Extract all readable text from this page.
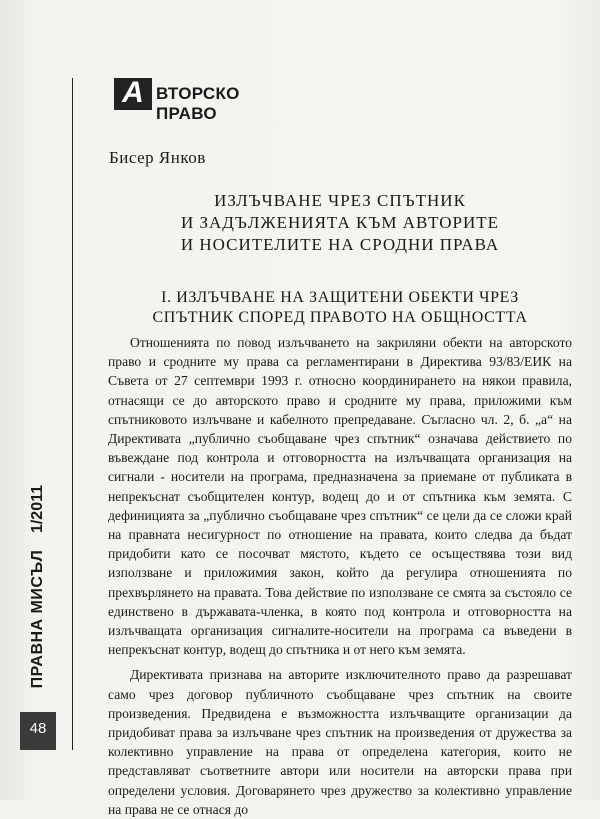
А ВТОРСКО ПРАВО
Бисер Янков
ИЗЛЪЧВАНЕ ЧРЕЗ СПЪТНИК
И ЗАДЪЛЖЕНИЯТА КЪМ АВТОРИТЕ
И НОСИТЕЛИТЕ НА СРОДНИ ПРАВА
I. ИЗЛЪЧВАНЕ НА ЗАЩИТЕНИ ОБЕКТИ ЧРЕЗ
СПЪТНИК СПОРЕД ПРАВОТО НА ОБЩНОСТТА

Отношенията по повод излъчването на закриляни обекти на авторското право и сродните му права са регламентирани в Директива 93/83/ЕИК на Съвета от 27 септември 1993 г. относно координирането на някои правила, отнасящи се до авторското право и сродните му права, приложими към спътниковото излъчване и кабелното препредаване. Съгласно чл. 2, б. „а“ на Директивата „публично съобщаване чрез спътник“ означава действието по въвеждане под контрола и отговорността на излъчващата организация на сигнали - носители на програма, предназначена за приемане от публиката в непрекъснат съобщителен контур, водещ до и от спътника към земята. С дефиницията за „публично съобщаване чрез спътник“ се цели да се сложи край на правната несигурност по отношение на правата, които следва да бъдат придобити като се посочват мястото, където се осъществява този вид използване и приложимия закон, който да регулира отношенията по прехвърлянето на правата. Това действие по използване се смята за състояло се единствено в държавата-членка, в която под контрола и отговорността на излъчващата организация сигналите-носители на програма са въведени в непрекъснат контур, водещ до спътника и от него към земята.

Директивата признава на авторите изключителното право да разрешават само чрез договор публичното съобщаване чрез спътник на своите произведения. Предвидена е възможността излъчващите организации да придобиват права за излъчване чрез спътник на произведения от дружества за колективно управление на права от определена категория, които не представляват съответните автори или носители на авторски права при определени условия. Договарянето чрез дружество за колективно управление на права не се отнася до

1/2011
ПРАВНА МИСЪЛ
48
